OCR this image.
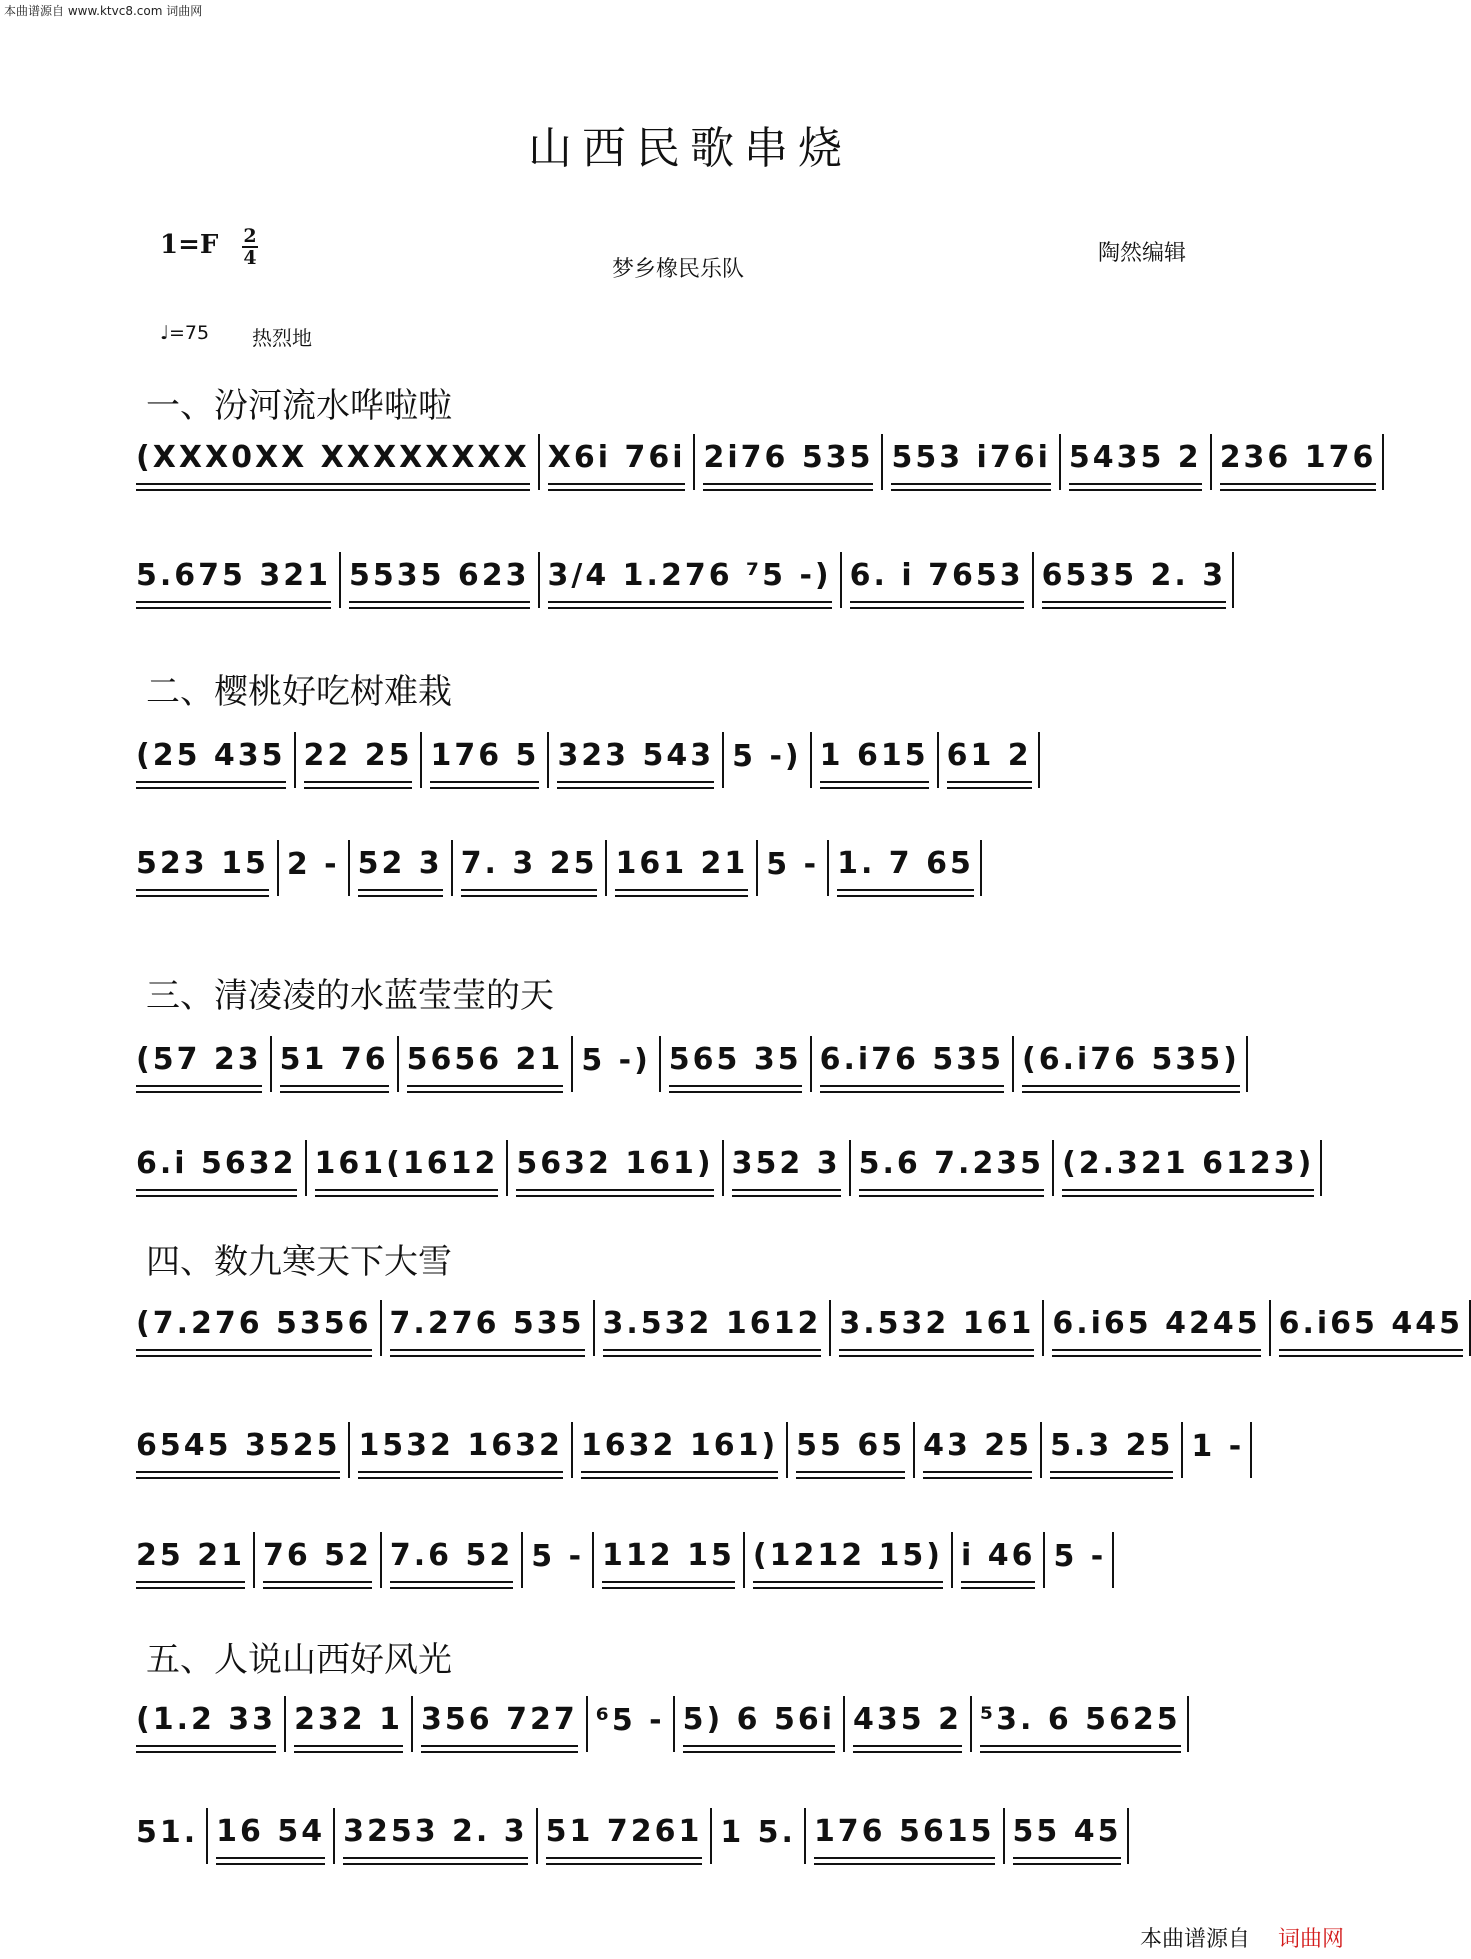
本曲谱源自 www.ktvc8.com 词曲网
山西民歌串烧
1=F 2
4	梦乡橡民乐队
陶然编辑
♩=75 热烈地
一、汾河流水哗啦啦
(XXX0XX XXXXXXXX X6i 76i 2i76 535 553 i76i 5435 2 236 176
5.675 321 5535 623 3/4 1.276 ⁷5 -) 6. i 7653 6535 2. 3
二、樱桃好吃树难栽
(25 435 22 25 176 5 323 543 5 -) 1 615 61 2
523 15 2 - 52 3 7. 3 25 161 21 5 - 1. 7 65
三、清凌凌的水蓝莹莹的天
(57 23 51 76 5656 21 5 -) 565 35 6.i76 535 (6.i76 535)
6.i 5632 161(1612 5632 161) 352 3 5.6 7.235 (2.321 6123)
四、数九寒天下大雪
(7.276 5356 7.276 535 3.532 1612 3.532 161 6.i65 4245 6.i65 445
6545 3525 1532 1632 1632 161) 55 65 43 25 5.3 25 1 -
25 21 76 52 7.6 52 5 - 112 15 (1212 15) i 46 5 -
五、人说山西好风光
(1.2 33 232 1 356 727 ⁶5 - 5) 6 56i 435 2 ⁵3. 6 5625
51. 16 54 3253 2. 3 51 7261 1 5. 176 5615 55 45
本曲谱源自 词曲网
